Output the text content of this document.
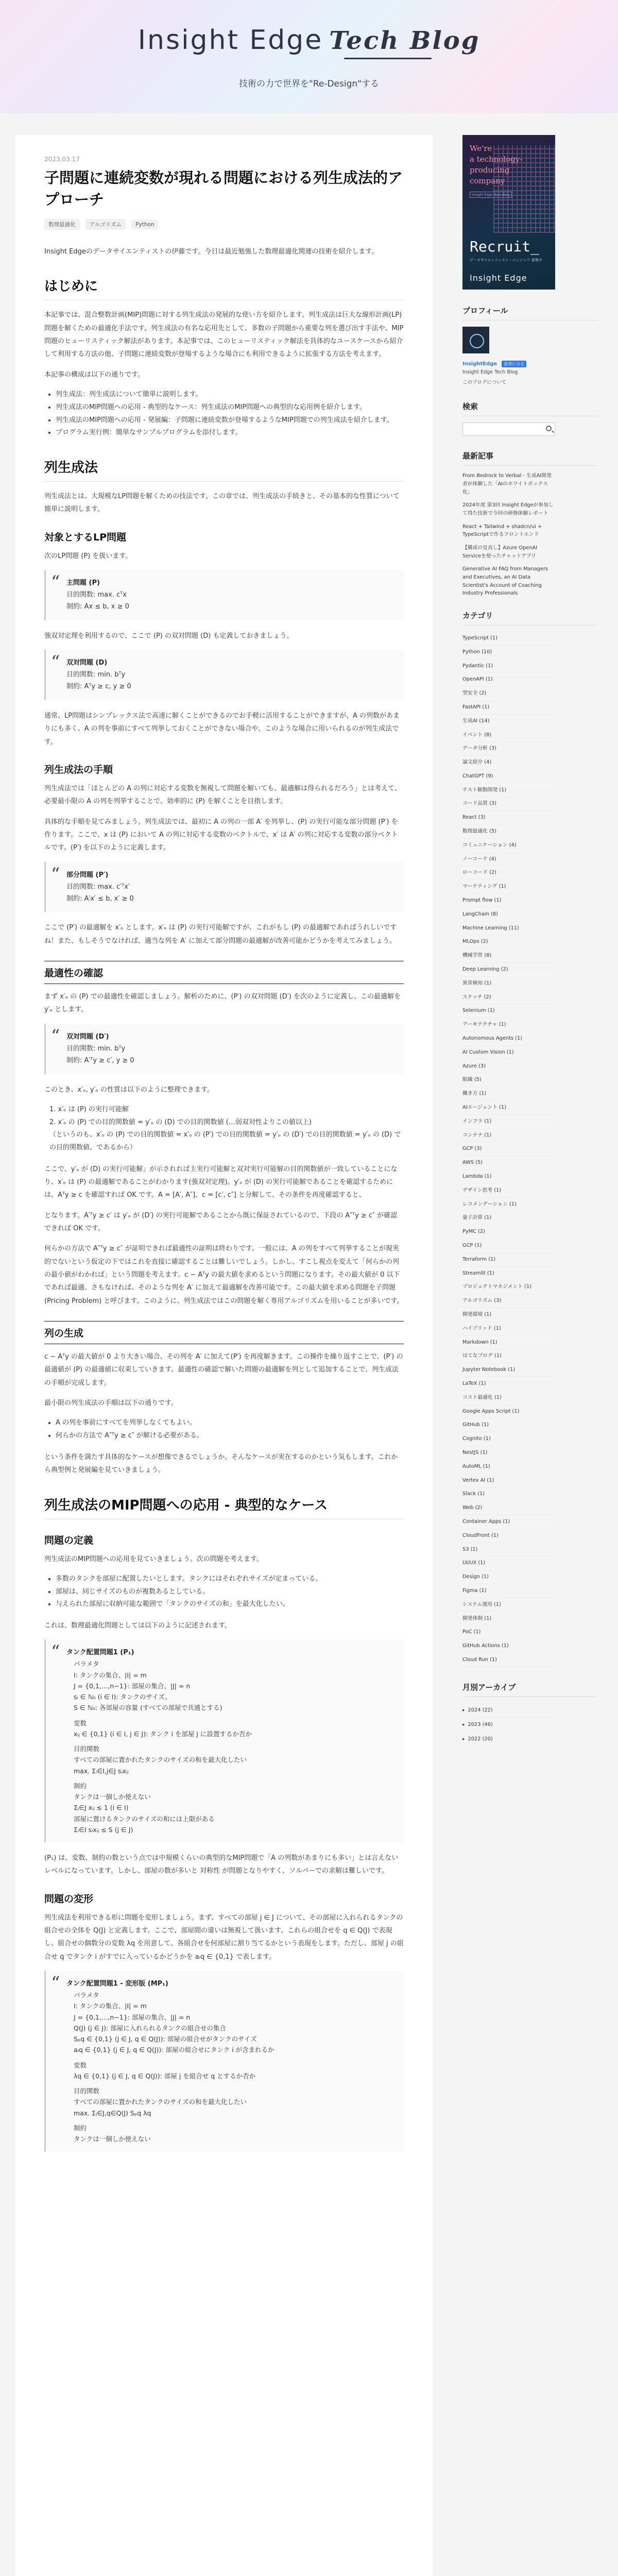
Insight Edge Tech Blog
技術の力で世界を"Re-Design"する
2023.03.17
子問題に連続変数が現れる問題における列生成法的アプローチ
数理最適化	アルゴリズム	Python

Insight Edgeのデータサイエンティストの伊藤です。今日は最近勉強した数理最適化関連の技術を紹介します。

はじめに

本記事では、混合整数計画(MIP)問題に対する列生成法の発展的な使い方を紹介します。列生成法は巨大な線形計画(LP)問題を解くための最適化手法です。列生成法の有名な応用先として、多数の子問題から重要な列を選び出す手法や、MIP問題のヒューリスティック解法があります。本記事では、このヒューリスティック解法を具体的なユースケースから紹介して利用する方法の他、子問題に連続変数が登場するような場合にも利用できるように拡張する方法を考えます。

本記事の構成は以下の通りです。

• 列生成法：列生成法について簡単に説明します。
• 列生成法のMIP問題への応用 - 典型的なケース：列生成法のMIP問題への典型的な応用例を紹介します。
• 列生成法のMIP問題への応用 - 発展編：子問題に連続変数が登場するようなMIP問題での列生成法を紹介します。
• プログラム実行例：簡単なサンプルプログラムを添付します。
列生成法

列生成法とは、大規模なLP問題を解くための技法です。この章では、列生成法の手続きと、その基本的な性質について簡単に説明します。

対象とするLP問題

次のLP問題 (P) を扱います。

“ 主問題 (P)
目的関数: max. cᵀx
制約: Ax ≤ b, x ≥ 0

強双対定理を利用するので、ここで (P) の双対問題 (D) も定義しておきましょう。

“ 双対問題 (D)
目的関数: min. bᵀy
制約: Aᵀy ≥ c, y ≥ 0

通常、LP問題はシンプレックス法で高速に解くことができるのでお手軽に活用することができますが、A の列数があまりにも多く、A の列を事前にすべて列挙しておくことができない場合や、このような場合に用いられるのが列生成法です。

列生成法の手順

列生成法では「ほとんどの A の列に対応する変数を無視して問題を解いても、最適解は得られるだろう」とは考えて、必要最小限の A の列を列挙することで、効率的に (P) を解くことを目指します。

具体的な手順を見てみましょう。列生成法では、最初に A の列の一部 A′ を列挙し、(P) の実行可能な部分問題 (P′) を作ります。ここで、x は (P) において A の列に対応する変数のベクトルで、x′ は A′ の列に対応する変数の部分ベクトルです。(P′) を以下のように定義します。

“ 部分問題 (P′)
目的関数: max. c′ᵀx′
制約: A′x′ ≤ b, x′ ≥ 0

ここで (P′) の最適解を x′ₒ とします。x′ₒ は (P) の実行可能解ですが、これがもし (P) の最適解であればうれしいですね！また、もしそうでなければ、適当な列を A′ に加えて部分問題の最適解が改善可能かどうかを考えてみましょう。

最適性の確認

まず x′ₒ の (P) での最適性を確認しましょう。解析のために、(P′) の双対問題 (D′) を次のように定義し、この最適解を y′ₒ とします。

“ 双対問題 (D′)
目的関数: min. bᵀy
制約: A′ᵀy ≥ c′, y ≥ 0

このとき、x′ₒ, y′ₒ の性質は以下のように整理できます。

1. x′ₒ は (P) の実行可能解
2. x′ₒ の (P) での目的関数値 = y′ₒ の (D) での目的関数値 (…弱双対性よりこの値以上)
（というのも、x′ₒ の (P) での目的関数値 = x′ₒ の (P′) での目的関数値 = y′ₒ の (D′) での目的関数値 = y′ₒ の (D) での目的関数値、であるから）

ここで、y′ₒ が (D) の実行可能解」が示されれば主実行可能解と双対実行可能解の目的関数値が一致していることになり、x′ₒ は (P) の最適解であることがわかります(強双対定理)。y′ₒ が (D) の実行可能解であることを確認するためには、Aᵀy ≥ c を確認すれば OK です。A = [A′, A″]、c = [c′, c″] と分解して、その条件を再度確認すると、

となります。A′ᵀy ≥ c′ は y′ₒ が (D′) の実行可能解であることから既に保証されているので、下段の A″ᵀy ≥ c″ が確認できれば OK です。

何らかの方法で A″ᵀy ≥ c″ が証明できれば最適性の証明は終わりです。一般には、A の列をすべて列挙することが現実的でないという仮定の下ではこれを直接に確認することは難しいでしょう。しかし、すこし視点を変えて「何らかの列の最小値がわかれば」という問題を考えます。c − Aᵀy の最大値を求めるという問題になります。その最大値が 0 以下であれば最適、さもなければ、そのような列を A′ に加えて最適解を改善可能です。この最大値を求める問題を子問題 (Pricing Problem) と呼びます。このように、列生成法ではこの問題を解く専用アルゴリズムを用いることが多いです。

列の生成

c − Aᵀy の最大値が 0 より大きい場合、その列を A′ に加えて(P′) を再度解きます。この操作を繰り返すことで、(P′) の最適値が (P) の最適値に収束していきます。最適性の確認で解いた問題の最適解を列として追加することで、列生成法の手順が完成します。

最小限の列生成法の手順は以下の通りです。

• A の列を事前にすべてを列挙しなくてもよい。
• 何らかの方法で A″ᵀy ≥ c″ が解ける必要がある。

という条件を満たす具体的なケースが想像できるでしょうか。そんなケースが実在するのかという気もします。これから典型例と発展編を見ていきましょう。

列生成法のMIP問題への応用 - 典型的なケース
問題の定義

列生成法のMIP問題への応用を見ていきましょう。次の問題を考えます。

• 多数のタンクを部屋に配置したいとします。タンクにはそれぞれサイズが定まっている。
• 部屋は、同じサイズのものが複数あるとしている。
• 与えられた部屋に収納可能な範囲で「タンクのサイズの和」を最大化したい。

これは、数理最適化問題としては以下のように記述されます。

“ タンク配置問題1 (P₁)
パラメタ
I: タンクの集合、|I| = m
J = {0,1,…,n−1}: 部屋の集合、|J| = n
sᵢ ∈ ℕ₀ (i ∈ I): タンクのサイズ。
S ∈ ℕ₀: 各部屋の容量 (すべての部屋で共通とする)
変数
xᵢⱼ ∈ {0,1} (i ∈ I, j ∈ J): タンク i を部屋 j に設置するか否か
目的関数
すべての部屋に置かれたタンクのサイズの和を最大化したい
max. Σᵢ∈I,j∈J sᵢxᵢⱼ
制約
タンクは一個しか使えない
Σⱼ∈J xᵢⱼ ≤ 1 (i ∈ I)
部屋に置けるタンクのサイズの和には上限がある
Σᵢ∈I sᵢxᵢⱼ ≤ S (j ∈ J)

(P₁) は、変数、制約の数という点では中規模くらいの典型的なMIP問題で「A の列数があまりにも多い」とは言えないレベルになっています。しかし、部屋の数が多いと 対称性 が問題となりやすく、ソルバーでの求解は難しいです。

問題の変形

列生成法を利用できる形に問題を変形しましょう。まず、すべての部屋 j ∈ J について、その部屋に入れられるタンクの組合せの全体を Q(J) と定義します。ここで、部屋間の違いは無視して扱います。これらの組合せを q ∈ Q(J) で表現し、組合せの個数分の変数 λq を用意して、各組合せを何部屋に割り当てるかという表現をします。ただし、部屋 j の組合せ q でタンク i がすでに入っているかどうかを aᵢq ∈ {0,1} で表します。

“ タンク配置問題1 - 変形版 (MP₁)
パラメタ
I: タンクの集合、|I| = m
J = {0,1,…,n−1}: 部屋の集合、|J| = n
Q(J) (j ∈ J): 部屋に入れられるタンクの組合せの集合
Sₚq ∈ {0,1} (j ∈ J, q ∈ Q(J)): 部屋の組合せがタンクのサイズ
aᵢq ∈ {0,1} (j ∈ J, q ∈ Q(J)): 部屋の組合せにタンク i が含まれるか
変数
λq ∈ {0,1} (j ∈ J, q ∈ Q(J)): 部屋 j を組合せ q とするか否か
目的関数
すべての部屋に置かれたタンクのサイズの和を最大化したい
max. Σⱼ∈J,q∈Q(J) Sₚq λq
制約
タンクは一個しか使えない
We're
a technology-producing
company
Insight Edge Tech Blog
Recruit_
データサイエンティスト・エンジニア 募集中
Insight Edge
プロフィール
InsightEdge 読者になる
Insight Edge Tech Blog
このブログについて
検索
最新記事
From Bedrock to Verbal - 生成AI開発者が体験した「AIのホワイトボックス化」
2024年度 第3回 Insight Edgeが参加して得た技術で今回の研修体験レポート
React + Tailwind + shadcn/ui + TypeScriptで作るフロントエンド
【構成の見直し】Azure OpenAI Serviceを使ったチャットアプリ
Generative AI FAQ from Managers and Executives, an AI Data Scientist's Account of Coaching Industry Professionals
カテゴリ
TypeScript (1)
Python (10)
Pydantic (1)
OpenAPI (1)
型安全 (2)
FastAPI (1)
生成AI (14)
イベント (8)
データ分析 (3)
論文紹介 (4)
ChatGPT (9)
テスト駆動開発 (1)
コード品質 (3)
React (3)
数理最適化 (5)
コミュニケーション (4)
ノーコード (4)
ローコード (2)
マーケティング (1)
Prompt flow (1)
LangChain (8)
Machine Learning (11)
MLOps (2)
機械学習 (8)
Deep Learning (2)
異常検知 (1)
スケッチ (2)
Selenium (1)
アーキテクチャ (1)
Autonomous Agents (1)
AI Custom Vision (1)
Azure (3)
組織 (5)
働き方 (1)
AIエージェント (1)
インフラ (1)
コンテナ (1)
GCP (3)
AWS (5)
Lambda (1)
デザイン思考 (1)
レコメンデーション (1)
量子計算 (1)
PyMC (2)
GCP (1)
Terraform (1)
Streamlit (1)
プロジェクトマネジメント (1)
アルゴリズム (3)
開発環境 (1)
ハイブリッド (1)
Markdown (1)
はてなブログ (1)
Jupyter Notebook (1)
LaTeX (1)
コスト最適化 (1)
Google Apps Script (1)
GitHub (1)
Cognito (1)
NestJS (1)
AutoML (1)
Vertex AI (1)
Slack (1)
Web (2)
Container Apps (1)
CloudFront (1)
S3 (1)
UI/UX (1)
Design (1)
Figma (1)
システム運用 (1)
開発体制 (1)
PoC (1)
GitHub Actions (1)
Cloud Run (1)
月別アーカイブ
▸ 2024 (22)
▸ 2023 (46)
▸ 2022 (20)
